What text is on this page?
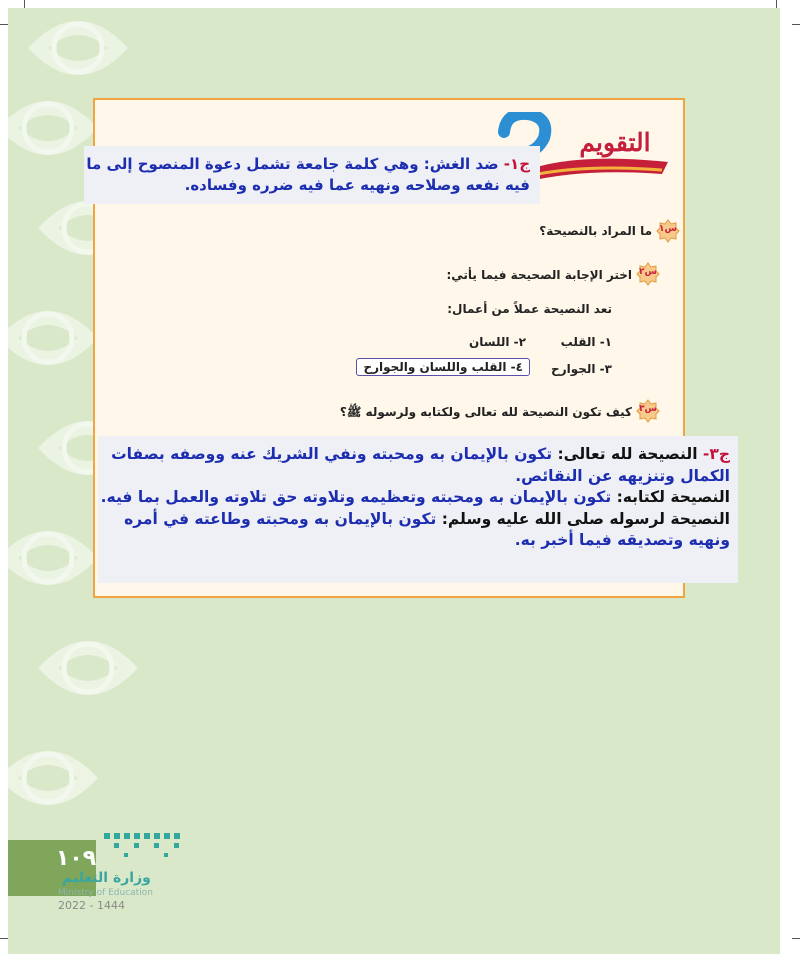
التقويم
ج١- ضد الغش: وهي كلمة جامعة تشمل دعوة المنصوح إلى ما فيه نفعه وصلاحه ونهيه عما فيه ضرره وفساده.
س١
ما المراد بالنصيحة؟
س٢
اختر الإجابة الصحيحة فيما يأتي:
تعد النصيحة عملاً من أعمال:
١- القلب
٢- اللسان
٣- الجوارح
٤- القلب واللسان والجوارح
س٣
كيف تكون النصيحة لله تعالى ولكتابه ولرسوله ﷺ؟
ج٣- النصيحة لله تعالى: تكون بالإيمان به ومحبته ونفي الشريك عنه ووصفه بصفات الكمال وتنزيهه عن النقائص.
النصيحة لكتابه: تكون بالإيمان به ومحبته وتعظيمه وتلاوته حق تلاوته والعمل بما فيه.
النصيحة لرسوله صلى الله عليه وسلم: تكون بالإيمان به ومحبته وطاعته في أمره ونهيه وتصديقه فيما أخبر به.
١٠٩
وزارة التعليم
Ministry of Education
2022 - 1444
